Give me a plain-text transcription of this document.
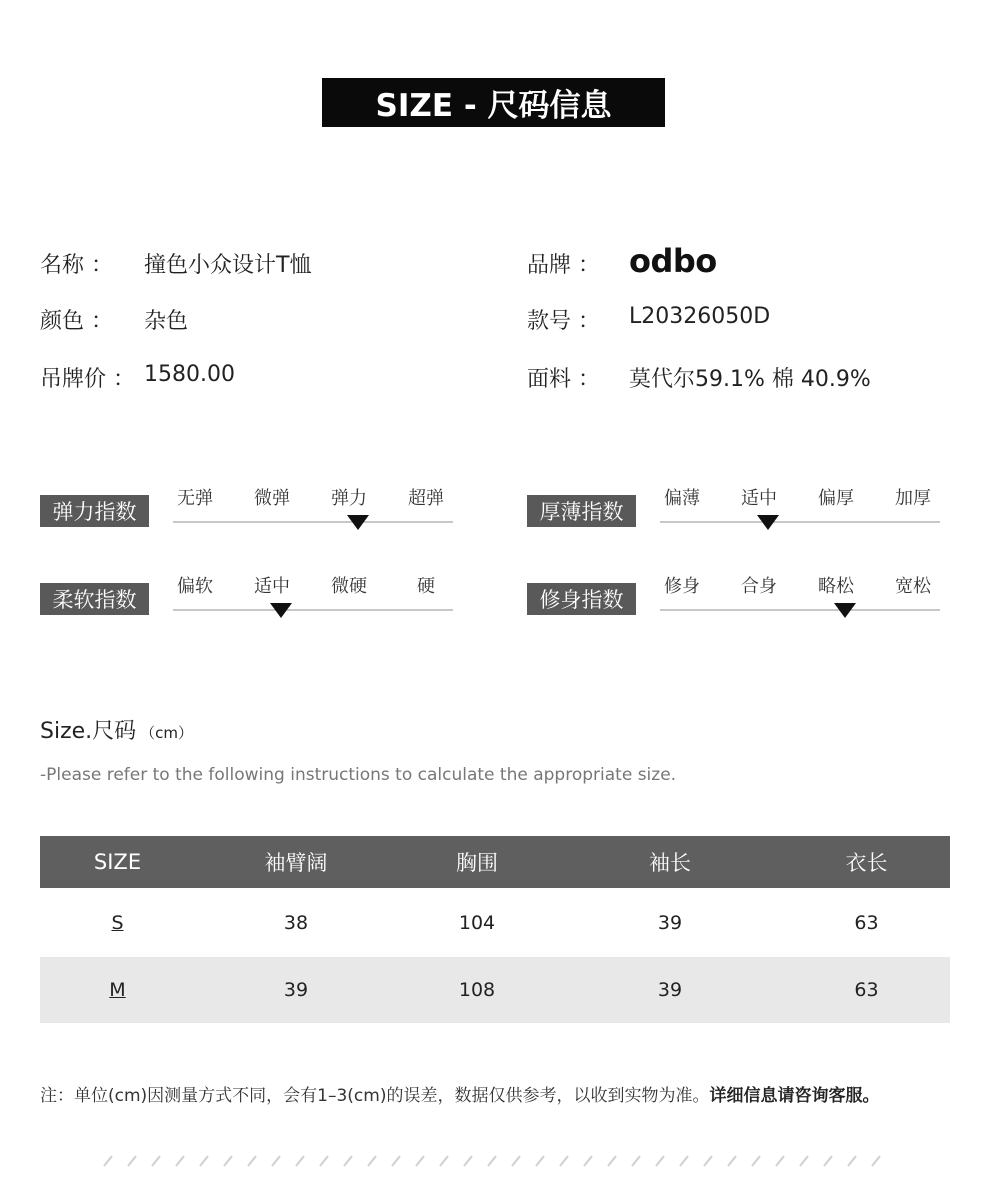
SIZE - 尺码信息
名称 ： 撞色小众设计T恤
颜色 ： 杂色
吊牌价 ： 1580.00
品牌 ： odbo
款号 ： L20326050D
面料 ： 莫代尔59.1% 棉 40.9%
弹力指数
无弹 微弹 弹力 超弹
厚薄指数
偏薄 适中 偏厚 加厚
柔软指数
偏软 适中 微硬	硬
修身指数
修身 合身 略松 宽松
Size.尺码 （cm）
-Please refer to the following instructions to calculate the appropriate size.
SIZE	袖臂阔	胸围	袖长	衣长
S	38	104	39	63
M	39	108	39	63
注：单位(cm)因测量方式不同，会有1–3(cm)的误差，数据仅供参考，以收到实物为准。详细信息请咨询客服。
